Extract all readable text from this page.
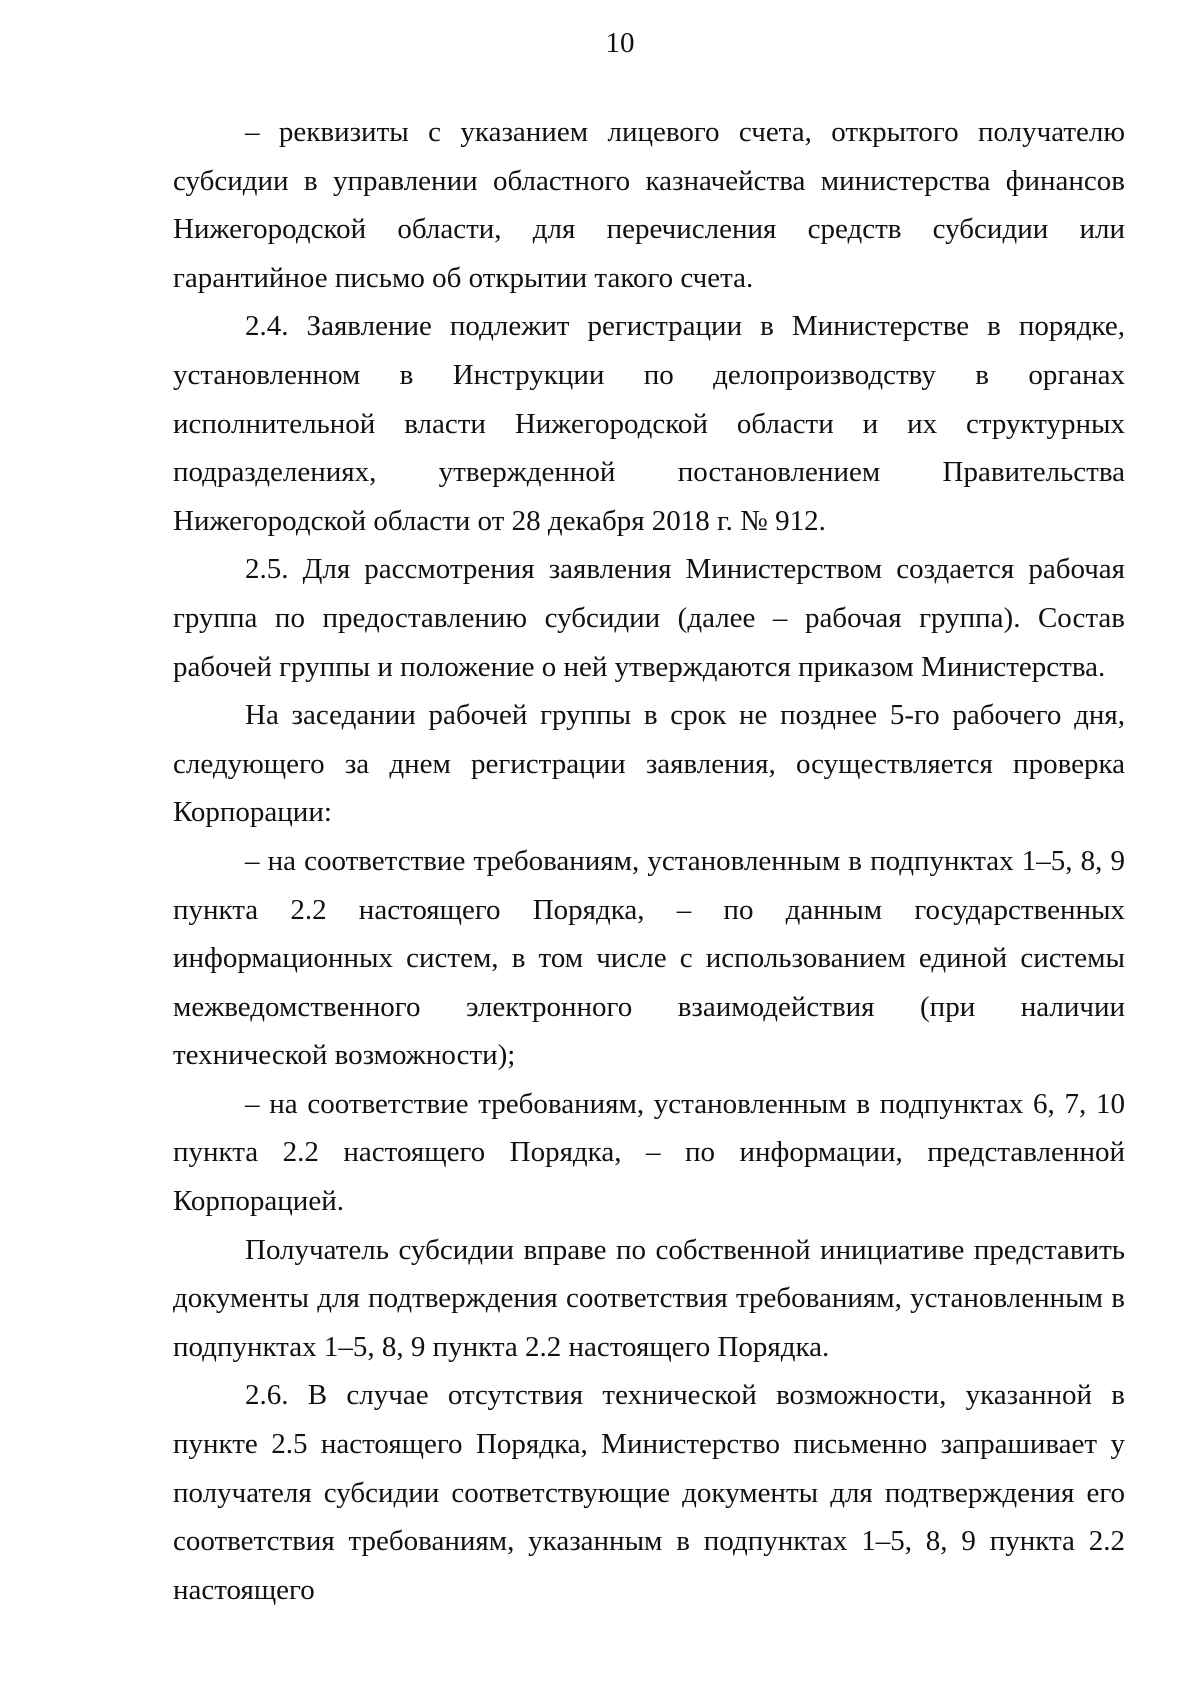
10

– реквизиты с указанием лицевого счета, открытого получателю субсидии в управлении областного казначейства министерства финансов Нижегородской области, для перечисления средств субсидии или гарантийное письмо об открытии такого счета.

2.4. Заявление подлежит регистрации в Министерстве в порядке, установленном в Инструкции по делопроизводству в органах исполнительной власти Нижегородской области и их структурных подразделениях, утвержденной постановлением Правительства Нижегородской области от 28 декабря 2018 г. № 912.

2.5. Для рассмотрения заявления Министерством создается рабочая группа по предоставлению субсидии (далее – рабочая группа). Состав рабочей группы и положение о ней утверждаются приказом Министерства.

На заседании рабочей группы в срок не позднее 5-го рабочего дня, следующего за днем регистрации заявления, осуществляется проверка Корпорации:

– на соответствие требованиям, установленным в подпунктах 1–5, 8, 9 пункта 2.2 настоящего Порядка, – по данным государственных информационных систем, в том числе с использованием единой системы межведомственного электронного взаимодействия (при наличии технической возможности);

– на соответствие требованиям, установленным в подпунктах 6, 7, 10 пункта 2.2 настоящего Порядка, – по информации, представленной Корпорацией.

Получатель субсидии вправе по собственной инициативе представить документы для подтверждения соответствия требованиям, установленным в подпунктах 1–5, 8, 9 пункта 2.2 настоящего Порядка.

2.6. В случае отсутствия технической возможности, указанной в пункте 2.5 настоящего Порядка, Министерство письменно запрашивает у получателя субсидии соответствующие документы для подтверждения его соответствия требованиям, указанным в подпунктах 1–5, 8, 9 пункта 2.2 настоящего
